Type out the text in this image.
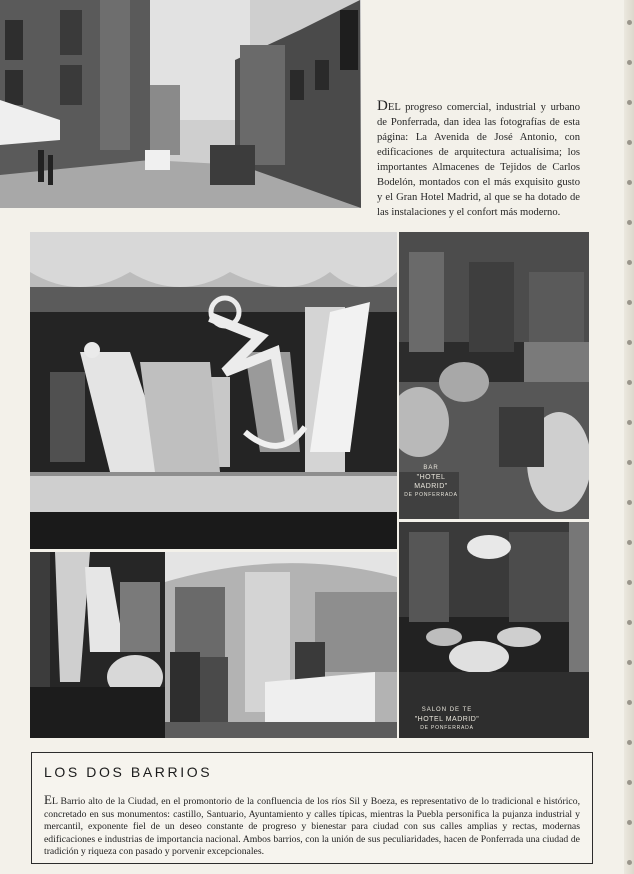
DEL progreso comercial, industrial y urbano de Ponferrada, dan idea las fotografías de esta página: La Avenida de José Antonio, con edificaciones de arquitectura actualísima; los importantes Almacenes de Tejidos de Carlos Bodelón, montados con el más exquisito gusto y el Gran Hotel Madrid, al que se ha dotado de las instalaciones y el confort más moderno.

BAR
"HOTEL MADRID"
DE PONFERRADA
SALON DE TE
"HOTEL MADRID"
DE PONFERRADA
LOS DOS BARRIOS

EL Barrio alto de la Ciudad, en el promontorio de la confluencia de los ríos Sil y Boeza, es representativo de lo tradicional e histórico, concretado en sus monumentos: castillo, Santuario, Ayuntamiento y calles típicas, mientras la Puebla personifica la pujanza industrial y mercantil, exponente fiel de un deseo constante de progreso y bienestar para ciudad con sus calles amplias y rectas, modernas edificaciones e industrias de importancia nacional. Ambos barrios, con la unión de sus peculiaridades, hacen de Ponferrada una ciudad de tradición y riqueza con pasado y porvenir excepcionales.
